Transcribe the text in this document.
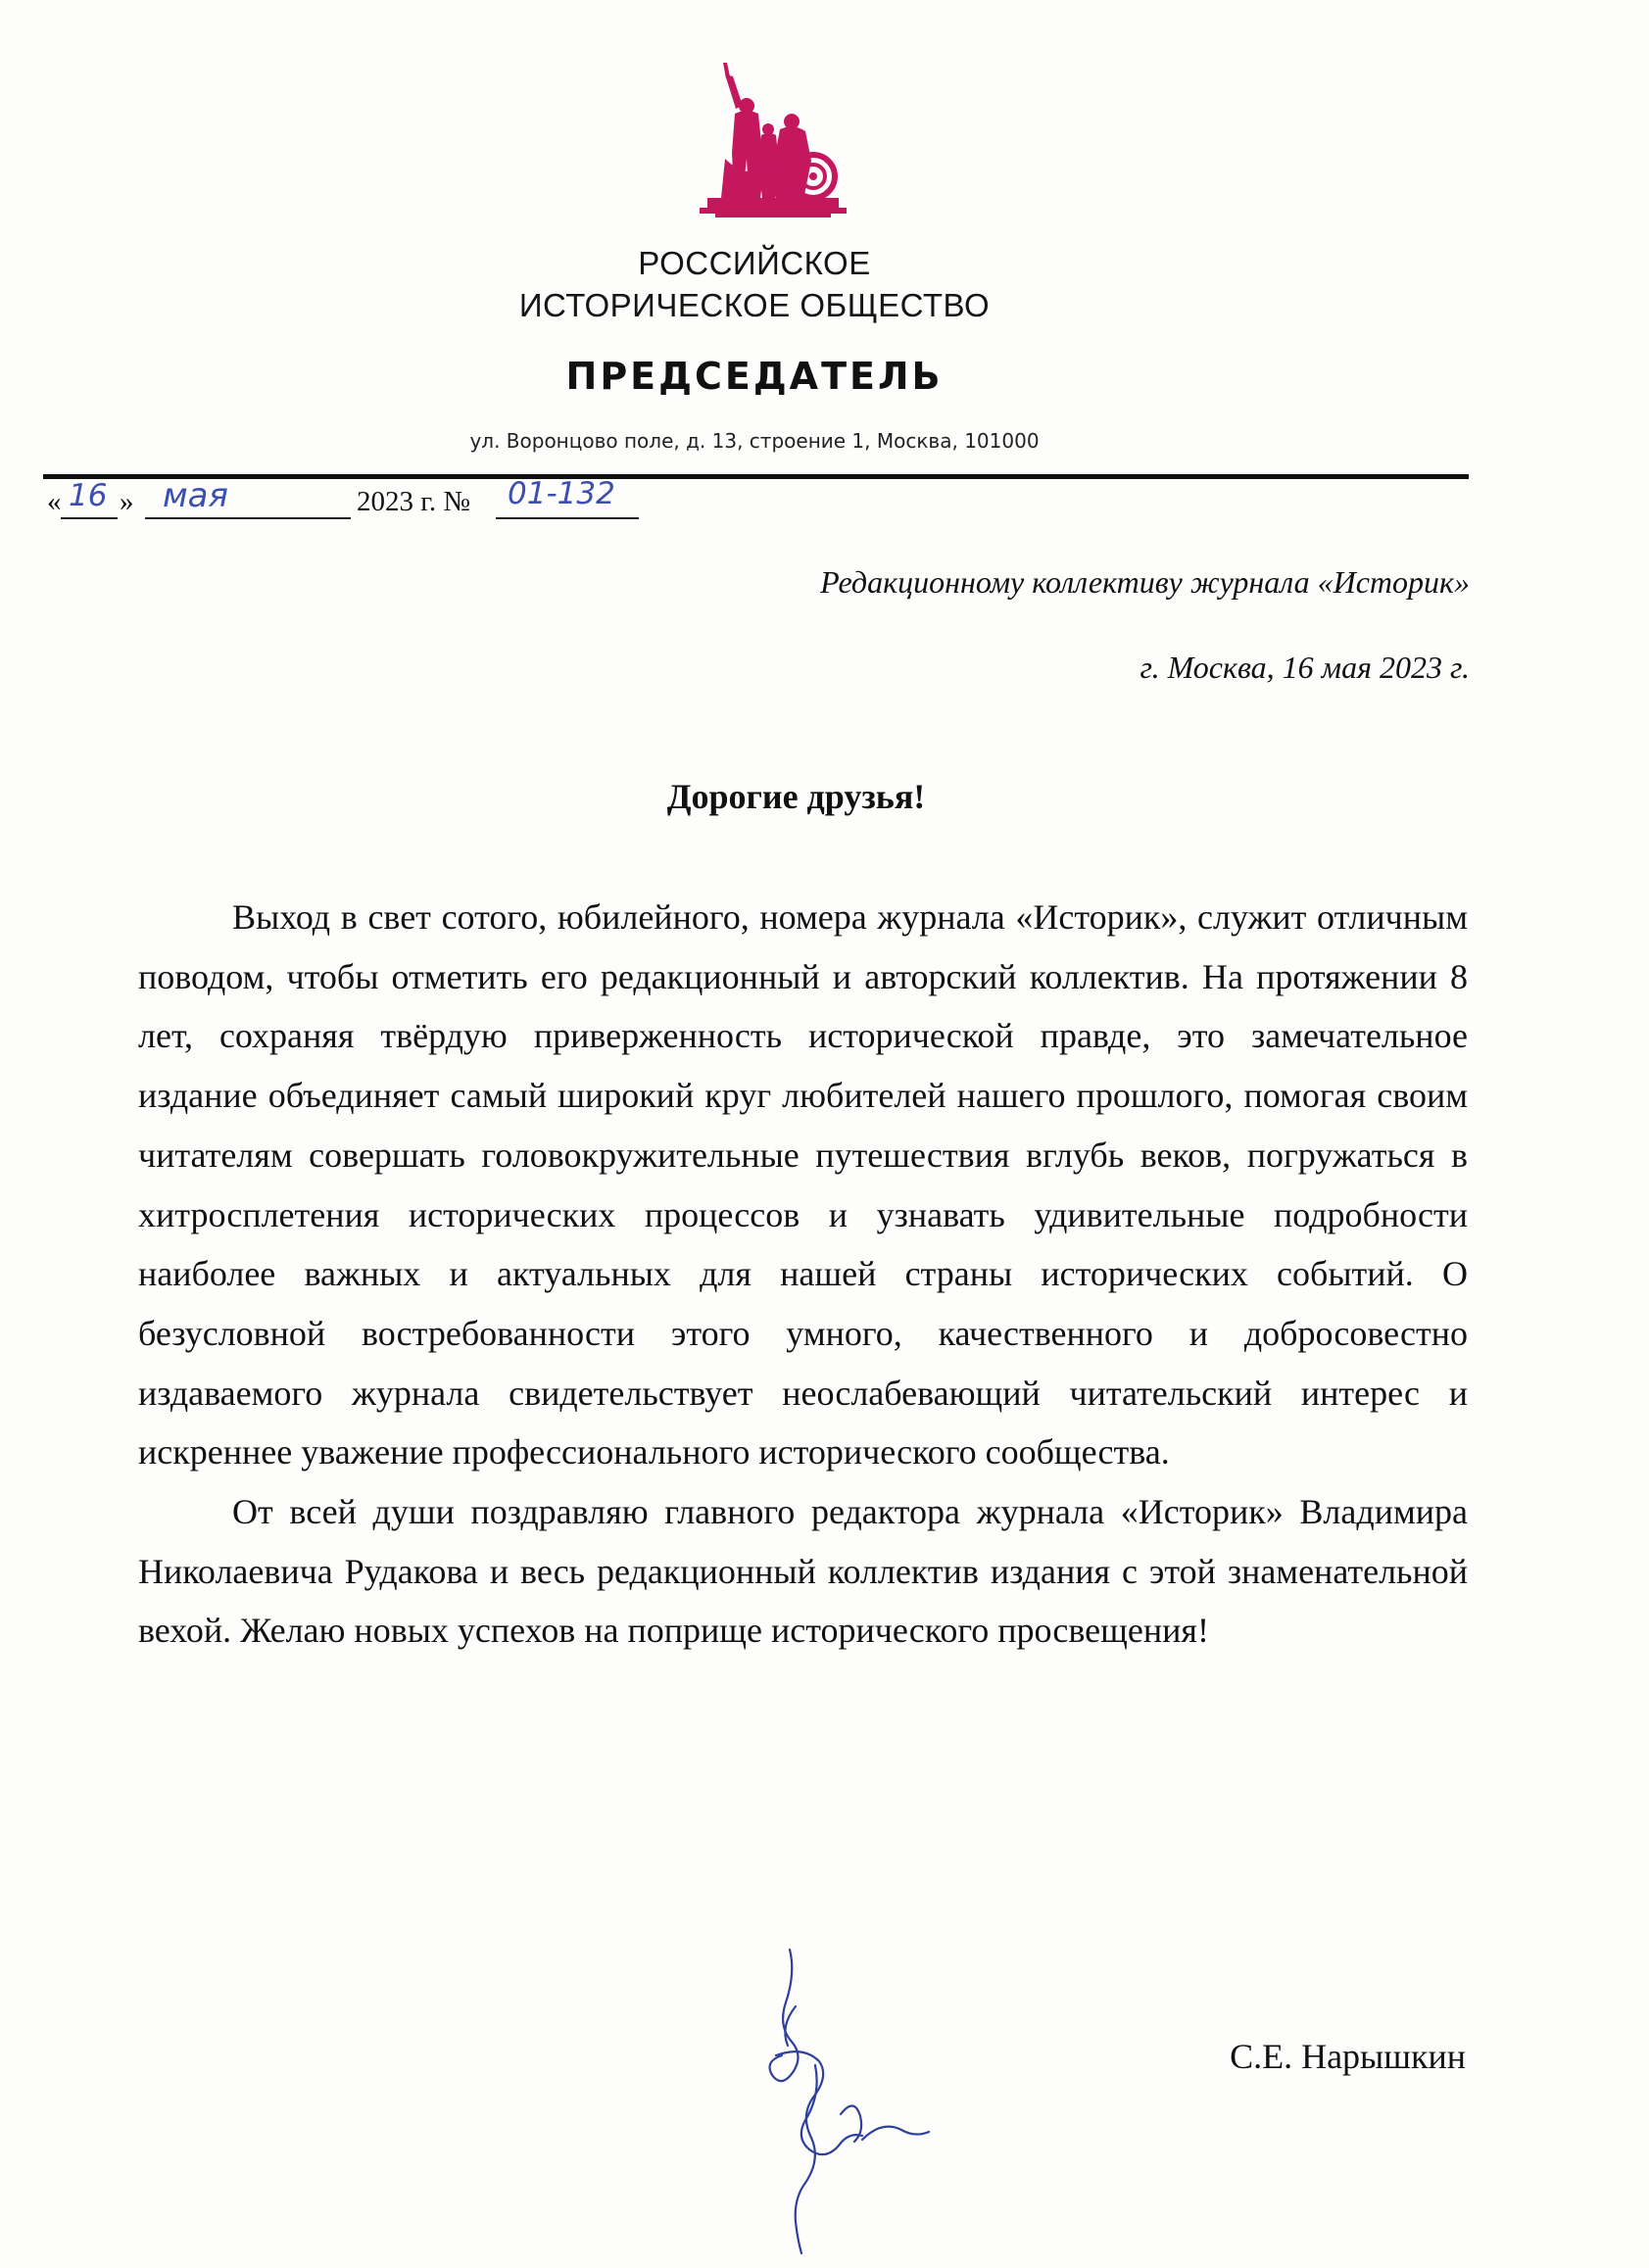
РОССИЙСКОЕ
ИСТОРИЧЕСКОЕ ОБЩЕСТВО
ПРЕДСЕДАТЕЛЬ
ул. Воронцово поле, д. 13, строение 1, Москва, 101000
« 16 » мая	2023 г. № 01-132
Редакционному коллективу журнала «Историк»
г. Москва, 16 мая 2023 г.
Дорогие друзья!

Выход в свет сотого, юбилейного, номера журнала «Историк», служит отличным поводом, чтобы отметить его редакционный и авторский коллектив. На протяжении 8 лет, сохраняя твёрдую приверженность исторической правде, это замечательное издание объединяет самый широкий круг любителей нашего прошлого, помогая своим читателям совершать головокружительные путешествия вглубь веков, погружаться в хитросплетения исторических процессов и узнавать удивительные подробности наиболее важных и актуальных для нашей страны исторических событий. О безусловной востребованности этого умного, качественного и добросовестно издаваемого журнала свидетельствует неослабевающий читательский интерес и искреннее уважение профессионального исторического сообщества.

От всей души поздравляю главного редактора журнала «Историк» Владимира Николаевича Рудакова и весь редакционный коллектив издания с этой знаменательной вехой. Желаю новых успехов на поприще исторического просвещения!

С.Е. Нарышкин
